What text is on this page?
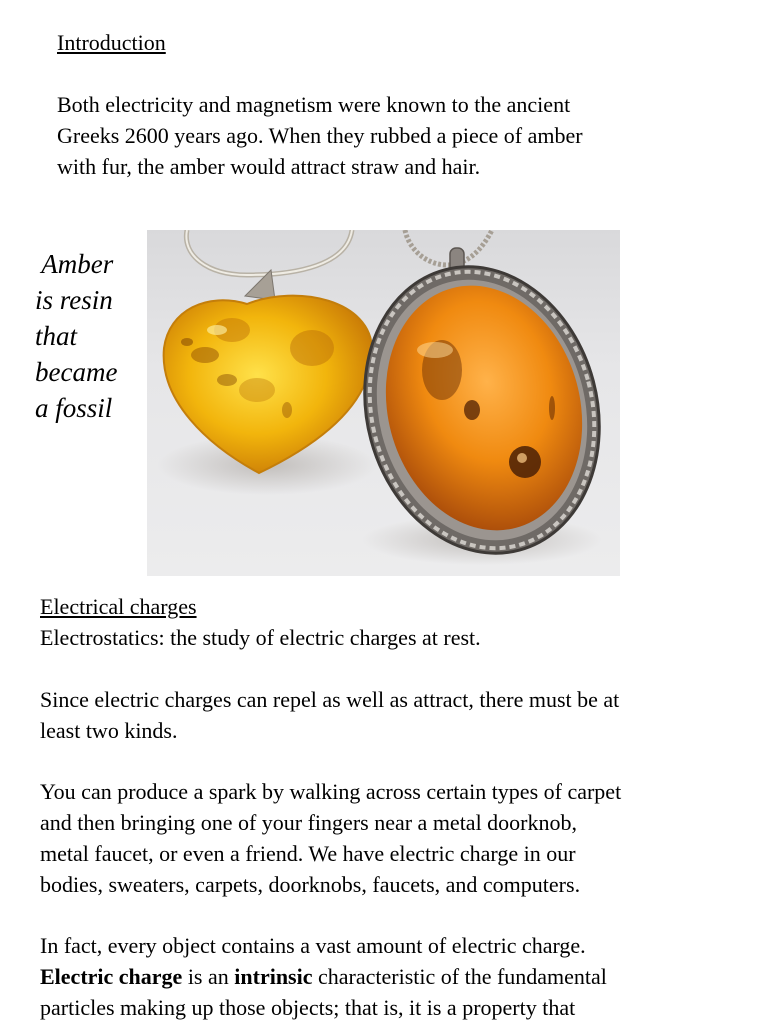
Introduction

Both electricity and magnetism were known to the ancient
Greeks 2600 years ago. When they rubbed a piece of amber
with fur, the amber would attract straw and hair.

Amber
is resin
that
became
a fossil

Electrical charges

Electrostatics: the study of electric charges at rest.

Since electric charges can repel as well as attract, there must be at
least two kinds.

You can produce a spark by walking across certain types of carpet
and then bringing one of your fingers near a metal doorknob,
metal faucet, or even a friend. We have electric charge in our
bodies, sweaters, carpets, doorknobs, faucets, and computers.

In fact, every object contains a vast amount of electric charge.
Electric charge is an intrinsic characteristic of the fundamental
particles making up those objects; that is, it is a property that
